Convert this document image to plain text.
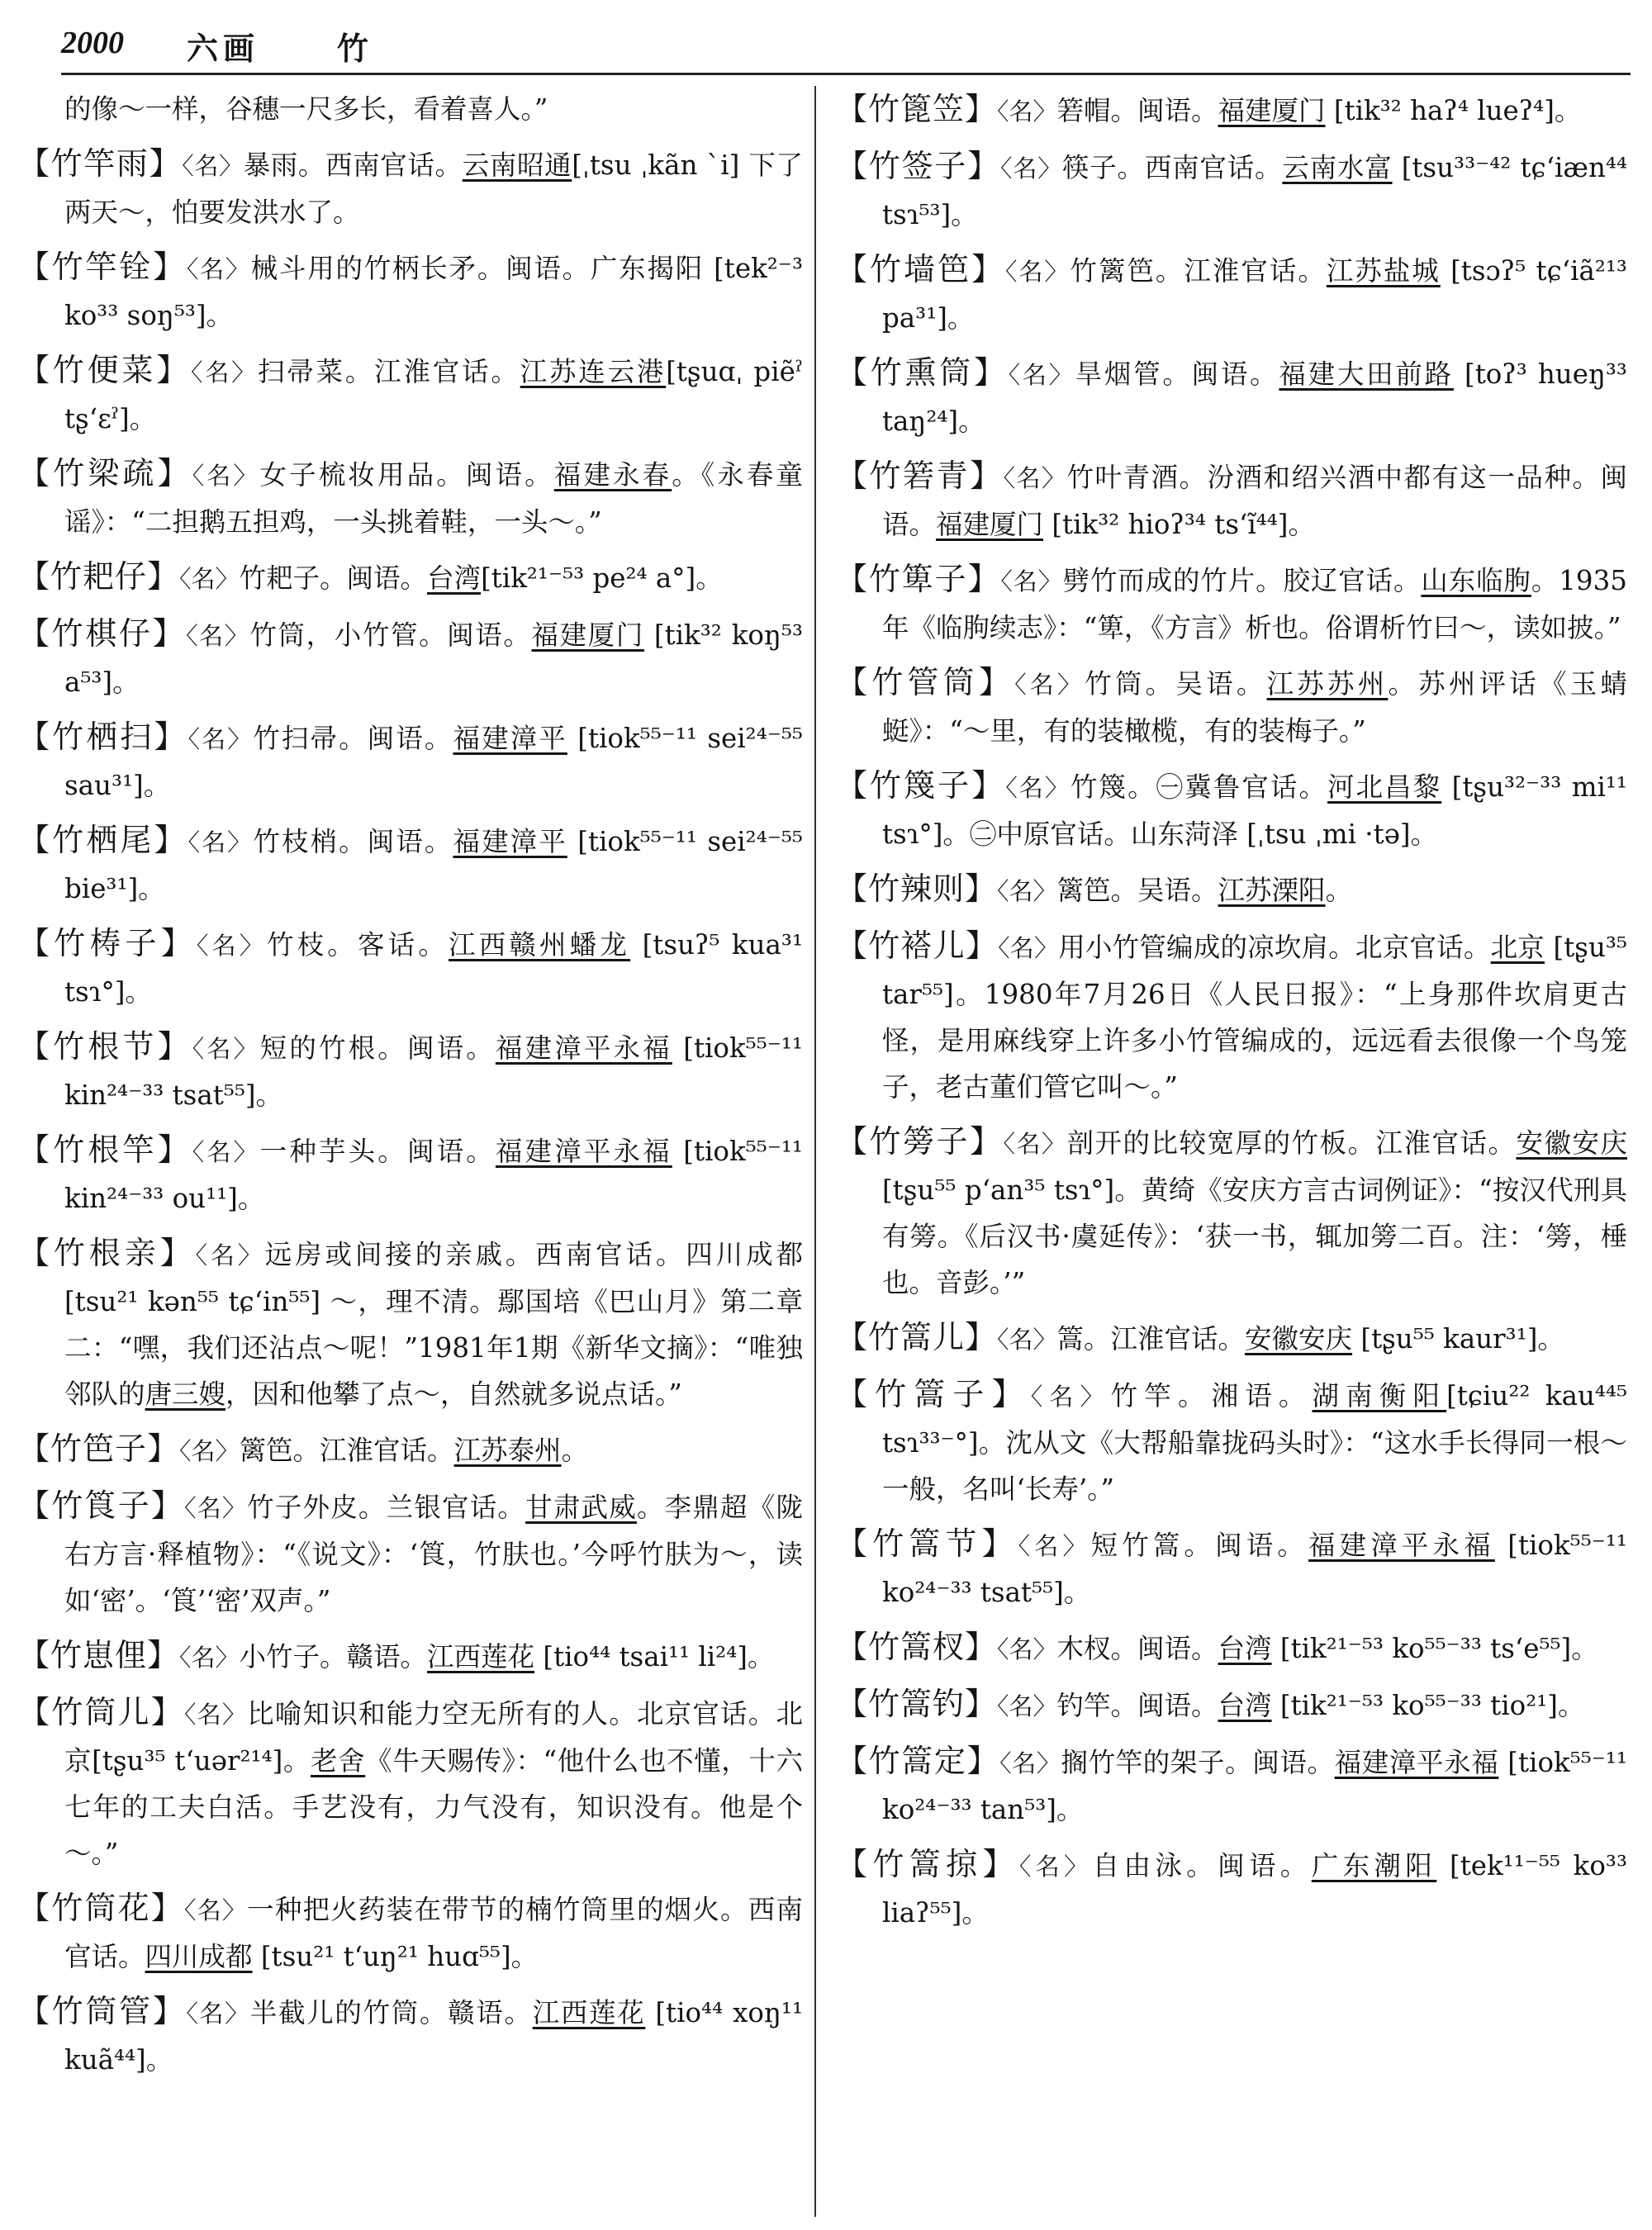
2000 六画 竹
的像～一样，谷穗一尺多长，看着喜人。”
【竹竿雨】〈名〉暴雨。西南官话。云南昭通[ˌtsu ˌkãn ˋi] 下了两天～，怕要发洪水了。
【竹竿铨】〈名〉械斗用的竹柄长矛。闽语。广东揭阳 [tek²⁻³ ko³³ soŋ⁵³]。
【竹便菜】〈名〉扫帚菜。江淮官话。江苏连云港[tʂuɑˌ piẽˀ tʂ‘ɛˀ]。
【竹梁疏】〈名〉女子梳妆用品。闽语。福建永春。《永春童谣》：“二担鹅五担鸡，一头挑着鞋，一头～。”
【竹耙仔】〈名〉竹耙子。闽语。台湾[tik²¹⁻⁵³ pe²⁴ a°]。
【竹棋仔】〈名〉竹筒，小竹管。闽语。福建厦门 [tik³² koŋ⁵³ a⁵³]。
【竹栖扫】〈名〉竹扫帚。闽语。福建漳平 [tiok⁵⁵⁻¹¹ sei²⁴⁻⁵⁵ sau³¹]。
【竹栖尾】〈名〉竹枝梢。闽语。福建漳平 [tiok⁵⁵⁻¹¹ sei²⁴⁻⁵⁵ bie³¹]。
【竹梼子】〈名〉竹枝。客话。江西赣州蟠龙 [tsuʔ⁵ kua³¹ tsɿ°]。
【竹根节】〈名〉短的竹根。闽语。福建漳平永福 [tiok⁵⁵⁻¹¹ kin²⁴⁻³³ tsat⁵⁵]。
【竹根竿】〈名〉一种芋头。闽语。福建漳平永福 [tiok⁵⁵⁻¹¹ kin²⁴⁻³³ ou¹¹]。
【竹根亲】〈名〉远房或间接的亲戚。西南官话。四川成都 [tsu²¹ kən⁵⁵ tɕ‘in⁵⁵] ～，理不清。鄢国培《巴山月》第二章二：“嘿，我们还沾点～呢！”1981年1期《新华文摘》：“唯独邻队的唐三嫂，因和他攀了点～，自然就多说点话。”
【竹笆子】〈名〉篱笆。江淮官话。江苏泰州。
【竹筤子】〈名〉竹子外皮。兰银官话。甘肃武威。李鼎超《陇右方言·释植物》：“《说文》：‘筤，竹肤也。’今呼竹肤为～，读如‘密’。‘筤’‘密’双声。”
【竹崽俚】〈名〉小竹子。赣语。江西莲花 [tio⁴⁴ tsai¹¹ li²⁴]。
【竹筒儿】〈名〉比喻知识和能力空无所有的人。北京官话。北京[tʂu³⁵ t‘uər²¹⁴]。老舍《牛天赐传》：“他什么也不懂，十六七年的工夫白活。手艺没有，力气没有，知识没有。他是个～。”
【竹筒花】〈名〉一种把火药装在带节的楠竹筒里的烟火。西南官话。四川成都 [tsu²¹ t‘uŋ²¹ huɑ⁵⁵]。
【竹筒管】〈名〉半截儿的竹筒。赣语。江西莲花 [tio⁴⁴ xoŋ¹¹ kuã⁴⁴]。
【竹篦笠】〈名〉箬帽。闽语。福建厦门 [tik³² haʔ⁴ lueʔ⁴]。
【竹签子】〈名〉筷子。西南官话。云南水富 [tsu³³⁻⁴² tɕ‘iæn⁴⁴ tsɿ⁵³]。
【竹墙笆】〈名〉竹篱笆。江淮官话。江苏盐城 [tsɔʔ⁵ tɕ‘iã²¹³ pa³¹]。
【竹熏筒】〈名〉旱烟管。闽语。福建大田前路 [toʔ³ hueŋ³³ taŋ²⁴]。
【竹箬青】〈名〉竹叶青酒。汾酒和绍兴酒中都有这一品种。闽语。福建厦门 [tik³² hioʔ³⁴ ts‘ĩ⁴⁴]。
【竹箄子】〈名〉劈竹而成的竹片。胶辽官话。山东临朐。1935年《临朐续志》：“箄，《方言》析也。俗谓析竹曰～，读如披。”
【竹管筒】〈名〉竹筒。吴语。江苏苏州。苏州评话《玉蜻蜓》：“～里，有的装橄榄，有的装梅子。”
【竹篾子】〈名〉竹篾。㊀冀鲁官话。河北昌黎 [tʂu³²⁻³³ mi¹¹ tsɿ°]。㊁中原官话。山东菏泽 [ˌtsu ˌmi ·tə]。
【竹辣则】〈名〉篱笆。吴语。江苏溧阳。
【竹褡儿】〈名〉用小竹管编成的凉坎肩。北京官话。北京 [tʂu³⁵ tar⁵⁵]。1980年7月26日《人民日报》：“上身那件坎肩更古怪，是用麻线穿上许多小竹管编成的，远远看去很像一个鸟笼子，老古董们管它叫～。”
【竹篣子】〈名〉剖开的比较宽厚的竹板。江淮官话。安徽安庆 [tʂu⁵⁵ p‘an³⁵ tsɿ°]。黄绮《安庆方言古词例证》：“按汉代刑具有篣。《后汉书·虞延传》：‘获一书，辄加篣二百。注：‘篣，棰也。音彭。’”
【竹篙儿】〈名〉篙。江淮官话。安徽安庆 [tʂu⁵⁵ kaur³¹]。
【竹篙子】〈名〉竹竿。湘语。湖南衡阳[tɕiu²² kau⁴⁴⁵ tsɿ³³⁻°]。沈从文《大帮船靠拢码头时》：“这水手长得同一根～一般，名叫‘长寿’。”
【竹篙节】〈名〉短竹篙。闽语。福建漳平永福 [tiok⁵⁵⁻¹¹ ko²⁴⁻³³ tsat⁵⁵]。
【竹篙杈】〈名〉木杈。闽语。台湾 [tik²¹⁻⁵³ ko⁵⁵⁻³³ ts‘e⁵⁵]。
【竹篙钓】〈名〉钓竿。闽语。台湾 [tik²¹⁻⁵³ ko⁵⁵⁻³³ tio²¹]。
【竹篙定】〈名〉搁竹竿的架子。闽语。福建漳平永福 [tiok⁵⁵⁻¹¹ ko²⁴⁻³³ tan⁵³]。
【竹篙掠】〈名〉自由泳。闽语。广东潮阳 [tek¹¹⁻⁵⁵ ko³³ liaʔ⁵⁵]。
